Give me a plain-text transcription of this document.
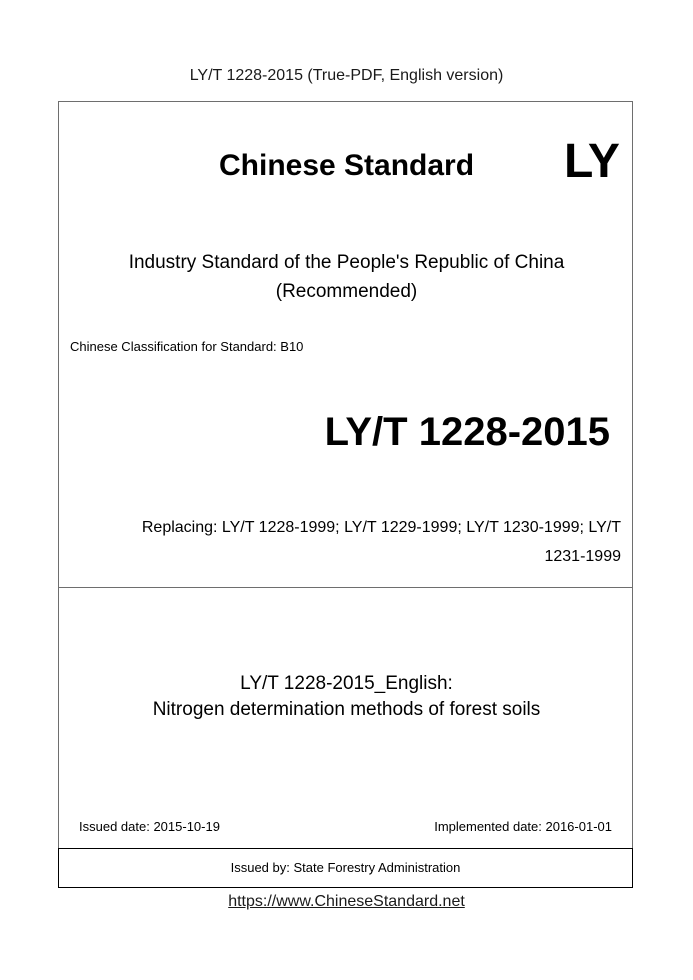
LY/T 1228-2015 (True-PDF, English version)
Chinese Standard LY
Industry Standard of the People's Republic of China
(Recommended)
Chinese Classification for Standard: B10
LY/T 1228-2015
Replacing: LY/T 1228-1999; LY/T 1229-1999; LY/T 1230-1999; LY/T
1231-1999
LY/T 1228-2015_English:
Nitrogen determination methods of forest soils
Issued date: 2015-10-19	Implemented date: 2016-01-01
Issued by: State Forestry Administration
https://www.ChineseStandard.net
